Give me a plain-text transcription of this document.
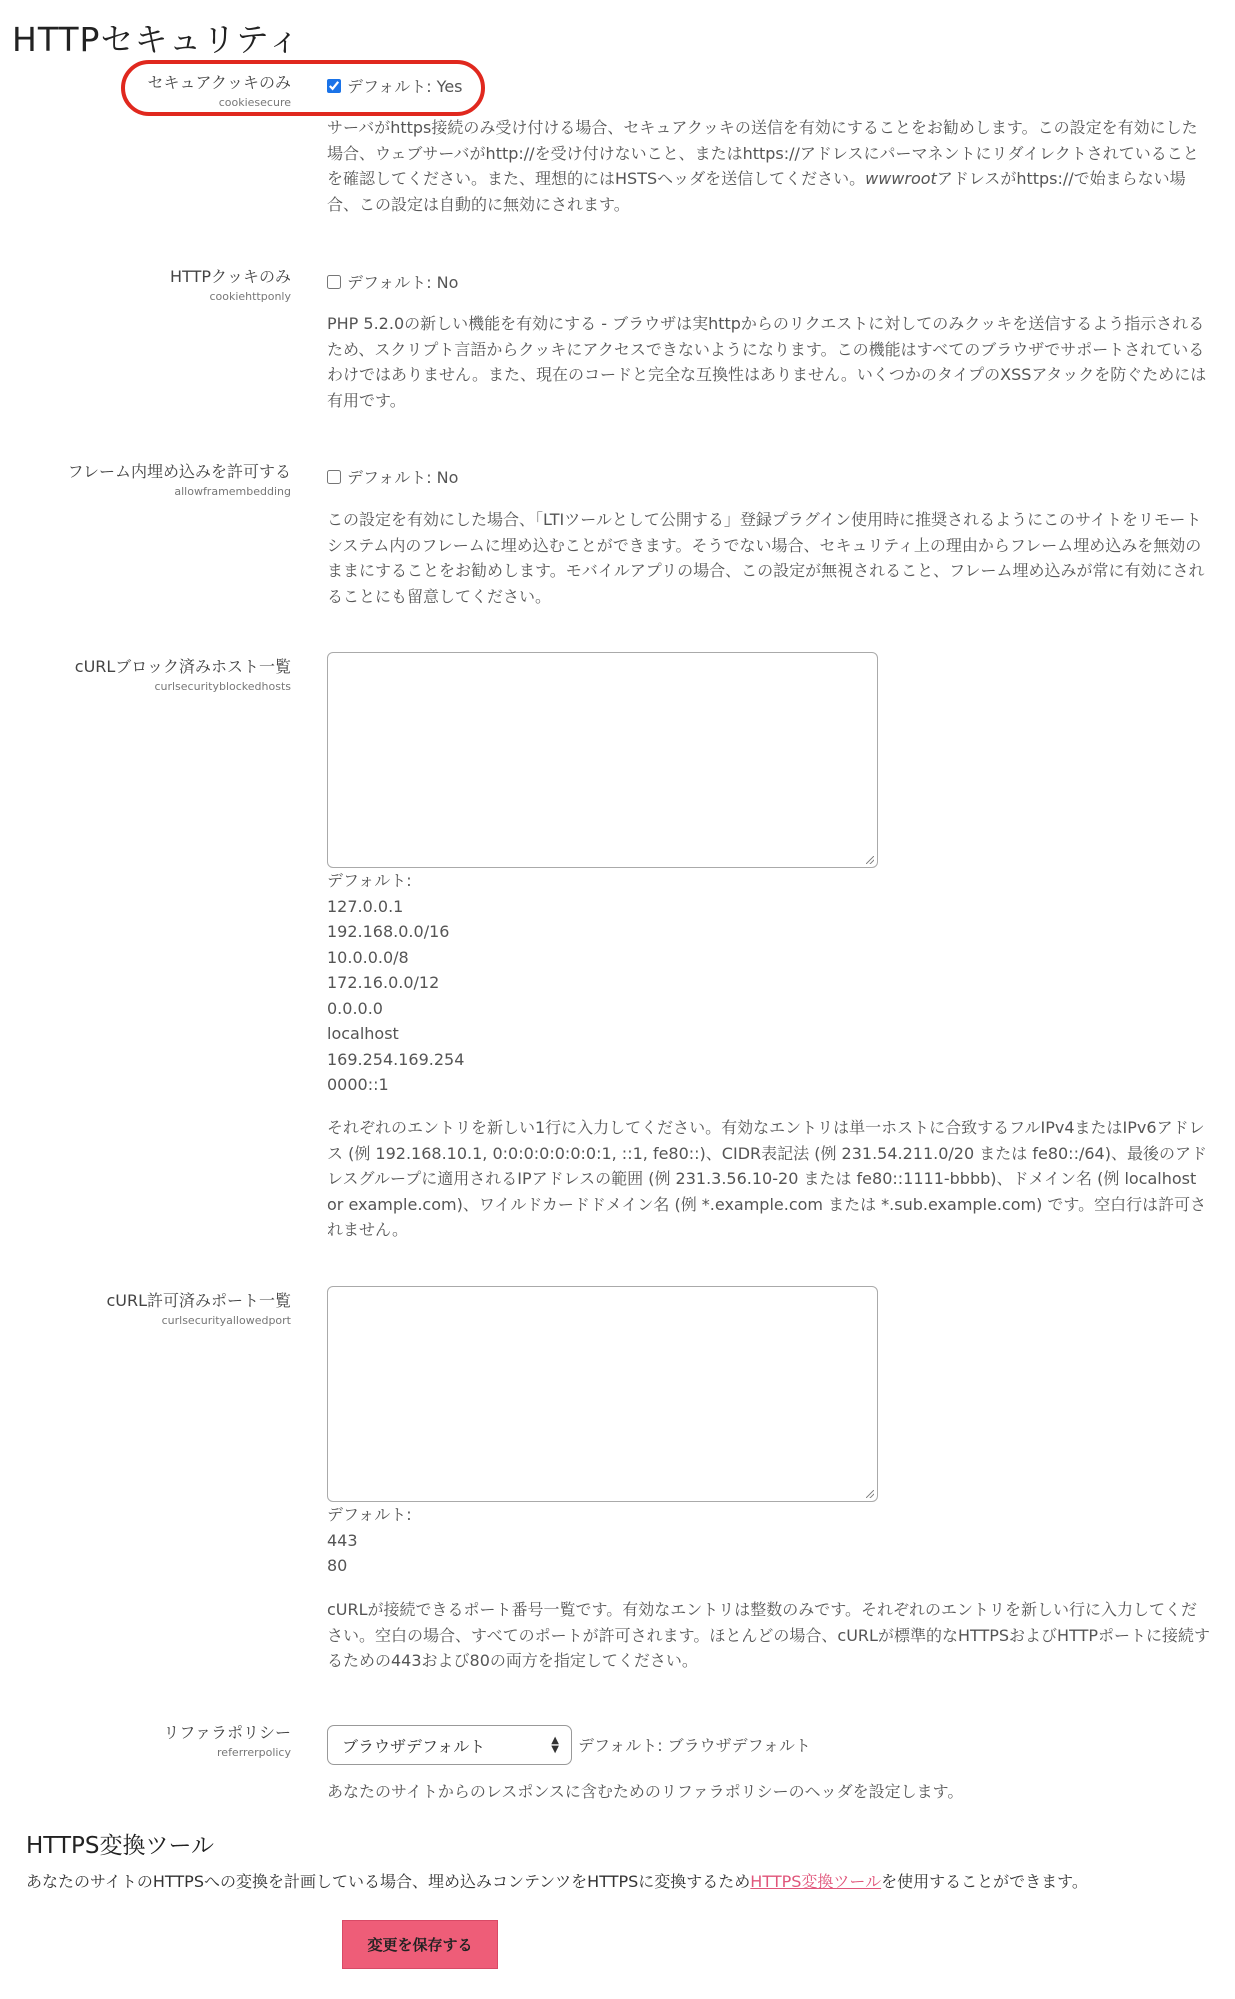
HTTPセキュリティ
セキュアクッキのみ
cookiesecure
デフォルト: Yes
サーバがhttps接続のみ受け付ける場合、セキュアクッキの送信を有効にすることをお勧めします。この設定を有効にした場合、ウェブサーバがhttp://を受け付けないこと、またはhttps://アドレスにパーマネントにリダイレクトされていることを確認してください。また、理想的にはHSTSヘッダを送信してください。wwwrootアドレスがhttps://で始まらない場合、この設定は自動的に無効にされます。
HTTPクッキのみ
cookiehttponly
デフォルト: No
PHP 5.2.0の新しい機能を有効にする - ブラウザは実httpからのリクエストに対してのみクッキを送信するよう指示されるため、スクリプト言語からクッキにアクセスできないようになります。この機能はすべてのブラウザでサポートされているわけではありません。また、現在のコードと完全な互換性はありません。いくつかのタイプのXSSアタックを防ぐためには有用です。
フレーム内埋め込みを許可する
allowframembedding
デフォルト: No
この設定を有効にした場合、「LTIツールとして公開する」登録プラグイン使用時に推奨されるようにこのサイトをリモートシステム内のフレームに埋め込むことができます。そうでない場合、セキュリティ上の理由からフレーム埋め込みを無効のままにすることをお勧めします。モバイルアプリの場合、この設定が無視されること、フレーム埋め込みが常に有効にされることにも留意してください。
cURLブロック済みホスト一覧
curlsecurityblockedhosts
デフォルト:
127.0.0.1
192.168.0.0/16
10.0.0.0/8
172.16.0.0/12
0.0.0.0
localhost
169.254.169.254
0000::1
それぞれのエントリを新しい1行に入力してください。有効なエントリは単一ホストに合致するフルIPv4またはIPv6アドレス (例 192.168.10.1, 0:0:0:0:0:0:0:1, ::1, fe80::)、CIDR表記法 (例 231.54.211.0/20 または fe80::/64)、最後のアドレスグループに適用されるIPアドレスの範囲 (例 231.3.56.10-20 または fe80::1111-bbbb)、ドメイン名 (例 localhost or example.com)、ワイルドカードドメイン名 (例 *.example.com または *.sub.example.com) です。空白行は許可されません。
cURL許可済みポート一覧
curlsecurityallowedport
デフォルト:
443
80
cURLが接続できるポート番号一覧です。有効なエントリは整数のみです。それぞれのエントリを新しい行に入力してください。空白の場合、すべてのポートが許可されます。ほとんどの場合、cURLが標準的なHTTPSおよびHTTPポートに接続するための443および80の両方を指定してください。
リファラポリシー
referrerpolicy	ブラウザデフォルト	▲
▼ デフォルト: ブラウザデフォルト
あなたのサイトからのレスポンスに含むためのリファラポリシーのヘッダを設定します。
HTTPS変換ツール
あなたのサイトのHTTPSへの変換を計画している場合、埋め込みコンテンツをHTTPSに変換するためHTTPS変換ツールを使用することができます。
変更を保存する
